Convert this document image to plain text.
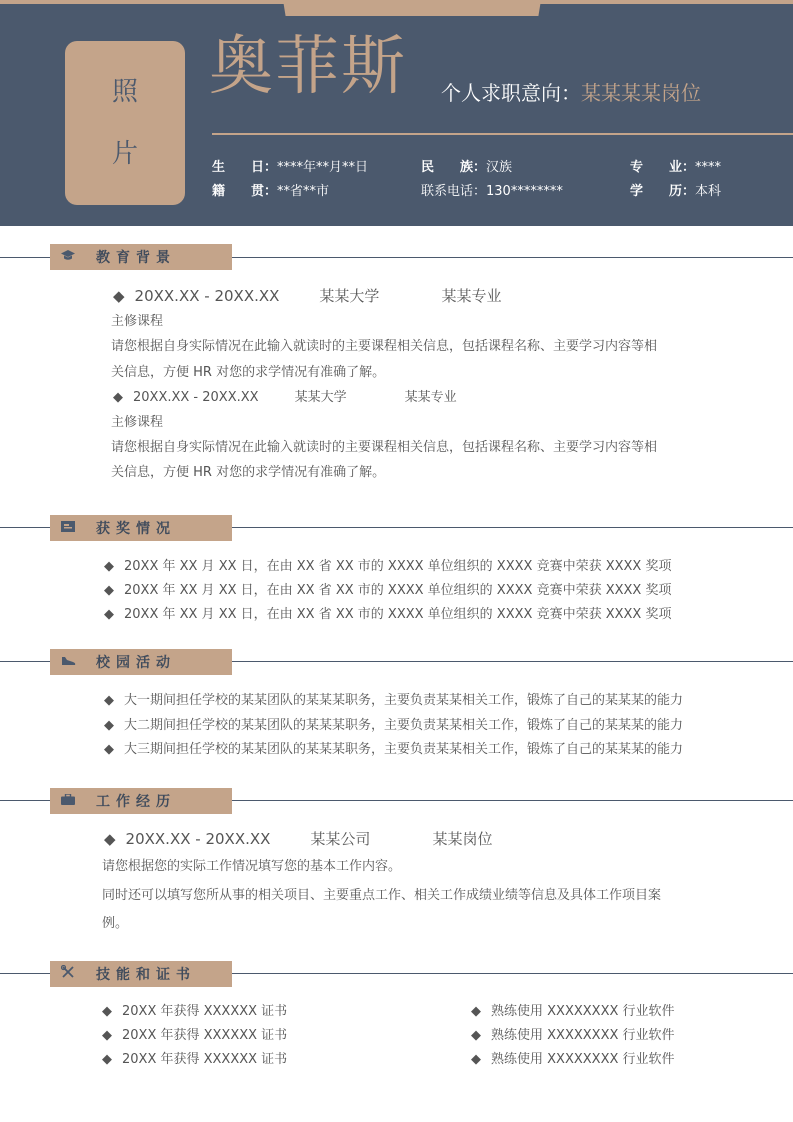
照
片
奥菲斯 个人求职意向：某某某某岗位
生　　日：****年**月**日	民　　族：汉族	专　　业：****
籍　　贯：**省**市	联系电话：130********	学　　历：本科
教育背景
◆ 20XX.XX - 20XX.XX	某某大学	某某专业
主修课程
请您根据自身实际情况在此输入就读时的主要课程相关信息，包括课程名称、主要学习内容等相
关信息，方便 HR 对您的求学情况有准确了解。
◆ 20XX.XX - 20XX.XX	某某大学	某某专业
主修课程
请您根据自身实际情况在此输入就读时的主要课程相关信息，包括课程名称、主要学习内容等相
关信息，方便 HR 对您的求学情况有准确了解。
获奖情况
◆ 20XX 年 XX 月 XX 日，在由 XX 省 XX 市的 XXXX 单位组织的 XXXX 竞赛中荣获 XXXX 奖项
◆ 20XX 年 XX 月 XX 日，在由 XX 省 XX 市的 XXXX 单位组织的 XXXX 竞赛中荣获 XXXX 奖项
◆ 20XX 年 XX 月 XX 日，在由 XX 省 XX 市的 XXXX 单位组织的 XXXX 竞赛中荣获 XXXX 奖项
校园活动
◆ 大一期间担任学校的某某团队的某某某职务，主要负责某某相关工作，锻炼了自己的某某某的能力
◆ 大二期间担任学校的某某团队的某某某职务，主要负责某某相关工作，锻炼了自己的某某某的能力
◆ 大三期间担任学校的某某团队的某某某职务，主要负责某某相关工作，锻炼了自己的某某某的能力
工作经历
◆ 20XX.XX - 20XX.XX	某某公司	某某岗位
请您根据您的实际工作情况填写您的基本工作内容。
同时还可以填写您所从事的相关项目、主要重点工作、相关工作成绩业绩等信息及具体工作项目案
例。
技能和证书
◆ 20XX 年获得 XXXXXX 证书
◆ 20XX 年获得 XXXXXX 证书
◆ 20XX 年获得 XXXXXX 证书
◆ 熟练使用 XXXXXXXX 行业软件
◆ 熟练使用 XXXXXXXX 行业软件
◆ 熟练使用 XXXXXXXX 行业软件
